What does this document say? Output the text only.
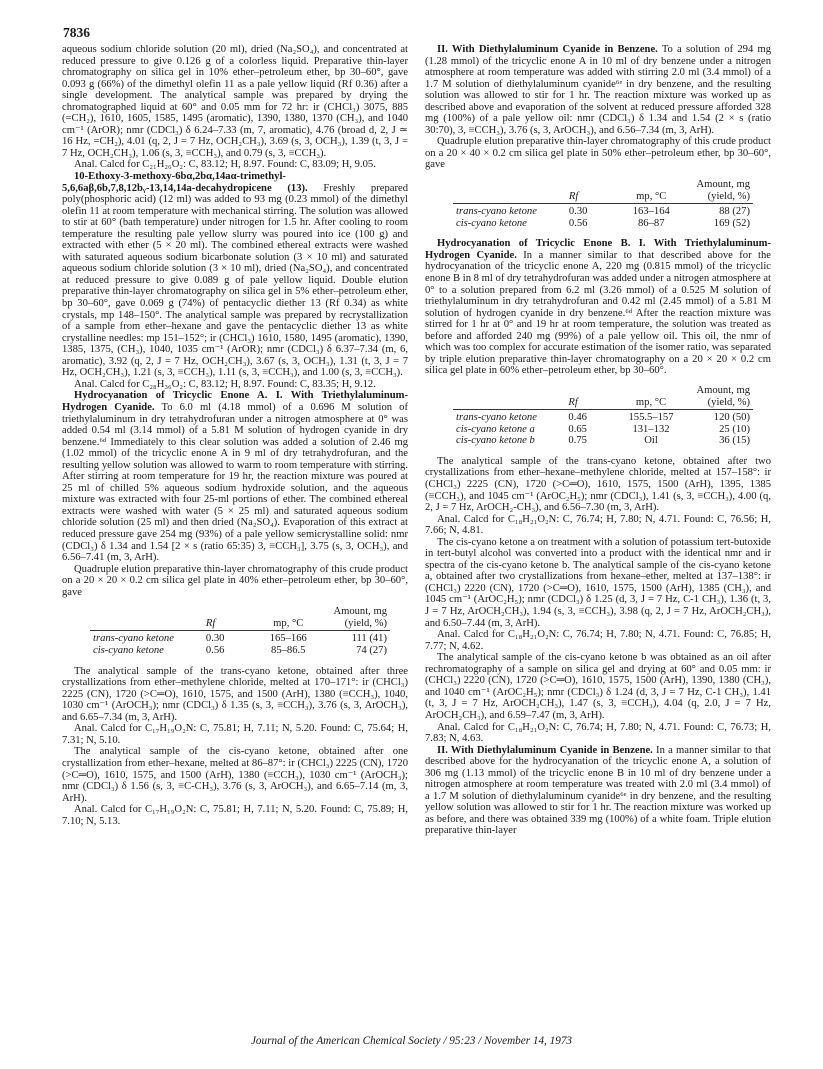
7836

aqueous sodium chloride solution (20 ml), dried (Na₂SO₄), and concentrated at reduced pressure to give 0.126 g of a colorless liquid. Preparative thin-layer chromatography on silica gel in 10% ether–petroleum ether, bp 30–60°, gave 0.093 g (66%) of the dimethyl olefin 11 as a pale yellow liquid (Rf 0.36) after a single development. The analytical sample was prepared by drying the chromatographed liquid at 60° and 0.05 mm for 72 hr: ir (CHCl₃) 3075, 885 (=CH₂), 1610, 1605, 1585, 1495 (aromatic), 1390, 1380, 1370 (CH₃), and 1040 cm⁻¹ (ArOR); nmr (CDCl₃) δ 6.24–7.33 (m, 7, aromatic), 4.76 (broad d, 2, J ≃ 16 Hz, =CH₂), 4.01 (q, 2, J = 7 Hz, OCH₂CH₃), 3.69 (s, 3, OCH₃), 1.39 (t, 3, J = 7 Hz, OCH₂CH₃), 1.06 (s, 3, ≡CCH₃), and 0.79 (s, 3, ≡CCH₃).

Anal. Calcd for C₂₁H₂₆O₂: C, 83.12; H, 8.97. Found: C, 83.09; H, 9.05.

10-Ethoxy-3-methoxy-6bα,2bα,14aα-trimethyl-5,6,6aβ,6b,7,8,12bᵧ-13,14,14a-decahydropicene (13). Freshly prepared poly(phosphoric acid) (12 ml) was added to 93 mg (0.23 mmol) of the dimethyl olefin 11 at room temperature with mechanical stirring. The solution was allowed to stir at 60° (bath temperature) under nitrogen for 1.5 hr. After cooling to room temperature the resulting pale yellow slurry was poured into ice (100 g) and extracted with ether (5 × 20 ml). The combined ethereal extracts were washed with saturated aqueous sodium bicarbonate solution (3 × 10 ml) and saturated aqueous sodium chloride solution (3 × 10 ml), dried (Na₂SO₄), and concentrated at reduced pressure to give 0.089 g of pale yellow liquid. Double elution preparative thin-layer chromatography on silica gel in 5% ether–petroleum ether, bp 30–60°, gave 0.069 g (74%) of pentacyclic diether 13 (Rf 0.34) as white crystals, mp 148–150°. The analytical sample was prepared by recrystallization of a sample from ether–hexane and gave the pentacyclic diether 13 as white crystalline needles: mp 151–152°; ir (CHCl₃) 1610, 1580, 1495 (aromatic), 1390, 1385, 1375, (CH₃), 1040, 1035 cm⁻¹ (ArOR); nmr (CDCl₃) δ 6.37–7.34 (m, 6, aromatic), 3.92 (q, 2, J = 7 Hz, OCH₂CH₃), 3.67 (s, 3, OCH₃), 1.31 (t, 3, J = 7 Hz, OCH₂CH₃), 1.21 (s, 3, ≡CCH₃), 1.11 (s, 3, ≡CCH₃), and 1.00 (s, 3, ≡CCH₃).

Anal. Calcd for C₂₈H₃₆O₂: C, 83.12; H, 8.97. Found: C, 83.35; H, 9.12.

Hydrocyanation of Tricyclic Enone A. I. With Triethylaluminum-Hydrogen Cyanide. To 6.0 ml (4.18 mmol) of a 0.696 M solution of triethylaluminum in dry tetrahydrofuran under a nitrogen atmosphere at 0° was added 0.54 ml (3.14 mmol) of a 5.81 M solution of hydrogen cyanide in dry benzene.⁶ᵈ Immediately to this clear solution was added a solution of 2.46 mg (1.02 mmol) of the tricyclic enone A in 9 ml of dry tetrahydrofuran, and the resulting yellow solution was allowed to warm to room temperature with stirring. After stirring at room temperature for 19 hr, the reaction mixture was poured at 25 ml of chilled 5% aqueous sodium hydroxide solution, and the aqueous mixture was extracted with four 25-ml portions of ether. The combined ethereal extracts were washed with water (5 × 25 ml) and saturated aqueous sodium chloride solution (25 ml) and then dried (Na₂SO₄). Evaporation of this extract at reduced pressure gave 254 mg (93%) of a pale yellow semicrystalline solid: nmr (CDCl₃) δ 1.34 and 1.54 [2 × s (ratio 65:35) 3, ≡CCH₃], 3.75 (s, 3, OCH₃), and 6.56–7.41 (m, 3, ArH).

Quadruple elution preparative thin-layer chromatography of this crude product on a 20 × 20 × 0.2 cm silica gel plate in 40% ether–petroleum ether, bp 30–60°, gave

	Rf	mp, °C	Amount, mg
(yield, %)

trans-cyano ketone	0.30	165–166	111 (41)
cis-cyano ketone	0.56	85–86.5	74 (27)

The analytical sample of the trans-cyano ketone, obtained after three crystallizations from ether–methylene chloride, melted at 170–171°: ir (CHCl₃) 2225 (CN), 1720 (>C═O), 1610, 1575, and 1500 (ArH), 1380 (≡CCH₃), 1040, 1030 cm⁻¹ (ArOCH₃); nmr (CDCl₃) δ 1.35 (s, 3, ≡CCH₃), 3.76 (s, 3, ArOCH₃), and 6.65–7.34 (m, 3, ArH).

Anal. Calcd for C₁₇H₁₉O₂N: C, 75.81; H, 7.11; N, 5.20. Found: C, 75.64; H, 7.31; N, 5.10.

The analytical sample of the cis-cyano ketone, obtained after one crystallization from ether–hexane, melted at 86–87°: ir (CHCl₃) 2225 (CN), 1720 (>C═O), 1610, 1575, and 1500 (ArH), 1380 (≡CCH₃), 1030 cm⁻¹ (ArOCH₃); nmr (CDCl₃) δ 1.56 (s, 3, ≡C-CH₃), 3.76 (s, 3, ArOCH₃), and 6.65–7.14 (m, 3, ArH).

Anal. Calcd for C₁₇H₁₉O₂N: C, 75.81; H, 7.11; N, 5.20. Found: C, 75.89; H, 7.10; N, 5.13.

II. With Diethylaluminum Cyanide in Benzene. To a solution of 294 mg (1.28 mmol) of the tricyclic enone A in 10 ml of dry benzene under a nitrogen atmosphere at room temperature was added with stirring 2.0 ml (3.4 mmol) of a 1.7 M solution of diethylaluminum cyanide⁶ᵉ in dry benzene, and the resulting solution was allowed to stir for 1 hr. The reaction mixture was worked up as described above and evaporation of the solvent at reduced pressure afforded 328 mg (100%) of a pale yellow oil: nmr (CDCl₃) δ 1.34 and 1.54 (2 × s (ratio 30:70), 3, ≡CCH₃), 3.76 (s, 3, ArOCH₃), and 6.56–7.34 (m, 3, ArH).

Quadruple elution preparative thin-layer chromatography of this crude product on a 20 × 40 × 0.2 cm silica gel plate in 50% ether–petroleum ether, bp 30–60°, gave

	Rf	mp, °C	Amount, mg
(yield, %)

trans-cyano ketone	0.30	163–164	88 (27)
cis-cyano ketone	0.56	86–87	169 (52)

Hydrocyanation of Tricyclic Enone B. I. With Triethylaluminum-Hydrogen Cyanide. In a manner similar to that described above for the hydrocyanation of the tricyclic enone A, 220 mg (0.815 mmol) of the tricyclic enone B in 8 ml of dry tetrahydrofuran was added under a nitrogen atmosphere at 0° to a solution prepared from 6.2 ml (3.26 mmol) of a 0.525 M solution of triethylaluminum in dry tetrahydrofuran and 0.42 ml (2.45 mmol) of a 5.81 M solution of hydrogen cyanide in dry benzene.⁶ᵈ After the reaction mixture was stirred for 1 hr at 0° and 19 hr at room temperature, the solution was treated as before and afforded 240 mg (99%) of a pale yellow oil. This oil, the nmr of which was too complex for accurate estimation of the isomer ratio, was separated by triple elution preparative thin-layer chromatography on a 20 × 20 × 0.2 cm silica gel plate in 60% ether–petroleum ether, bp 30–60°.

	Rf	mp, °C	Amount, mg
(yield, %)

trans-cyano ketone	0.46	155.5–157	120 (50)
cis-cyano ketone a	0.65	131–132	25 (10)
cis-cyano ketone b	0.75	Oil	36 (15)

The analytical sample of the trans-cyano ketone, obtained after two crystallizations from ether–hexane–methylene chloride, melted at 157–158°: ir (CHCl₃) 2225 (CN), 1720 (>C═O), 1610, 1575, 1500 (ArH), 1395, 1385 (≡CCH₃), and 1045 cm⁻¹ (ArOC₂H₅); nmr (CDCl₃), 1.41 (s, 3, ≡CCH₃), 4.00 (q, 2, J = 7 Hz, ArOCH₂-CH₃), and 6.56–7.30 (m, 3, ArH).

Anal. Calcd for C₁₈H₂₁O₂N: C, 76.74; H, 7.80; N, 4.71. Found: C, 76.56; H, 7.66; N, 4.81.

The cis-cyano ketone a on treatment with a solution of potassium tert-butoxide in tert-butyl alcohol was converted into a product with the identical nmr and ir spectra of the cis-cyano ketone b. The analytical sample of the cis-cyano ketone a, obtained after two crystallizations from hexane–ether, melted at 137–138°: ir (CHCl₃) 2220 (CN), 1720 (>C═O), 1610, 1575, 1500 (ArH), 1385 (CH₃), and 1045 cm⁻¹ (ArOC₂H₅); nmr (CDCl₃) δ 1.25 (d, 3, J = 7 Hz, C-1 CH₃), 1.36 (t, 3, J = 7 Hz, ArOCH₂CH₃), 1.94 (s, 3, ≡CCH₃), 3.98 (q, 2, J = 7 Hz, ArOCH₂CH₃), and 6.50–7.44 (m, 3, ArH).

Anal. Calcd for C₁₈H₂₁O₂N: C, 76.74; H, 7.80; N, 4.71. Found: C, 76.85; H, 7.77; N, 4.62.

The analytical sample of the cis-cyano ketone b was obtained as an oil after rechromatography of a sample on silica gel and drying at 60° and 0.05 mm: ir (CHCl₃) 2220 (CN), 1720 (>C═O), 1610, 1575, 1500 (ArH), 1390, 1380 (CH₃), and 1040 cm⁻¹ (ArOC₂H₅); nmr (CDCl₃) δ 1.24 (d, 3, J = 7 Hz, C-1 CH₃), 1.41 (t, 3, J = 7 Hz, ArOCH₂CH₃), 1.47 (s, 3, ≡CCH₃), 4.04 (q, 2.0, J = 7 Hz, ArOCH₂CH₃), and 6.59–7.47 (m, 3, ArH).

Anal. Calcd for C₁₈H₂₁O₂N: C, 76.74; H, 7.80; N, 4.71. Found: C, 76.73; H, 7.83; N, 4.63.

II. With Diethylaluminum Cyanide in Benzene. In a manner similar to that described above for the hydrocyanation of the tricyclic enone A, a solution of 306 mg (1.13 mmol) of the tricyclic enone B in 10 ml of dry benzene under a nitrogen atmosphere at room temperature was treated with 2.0 ml (3.4 mmol) of a 1.7 M solution of diethylaluminum cyanide⁶ᵉ in dry benzene, and the resulting yellow solution was allowed to stir for 1 hr. The reaction mixture was worked up as before, and there was obtained 339 mg (100%) of a white foam. Triple elution preparative thin-layer

Journal of the American Chemical Society / 95:23 / November 14, 1973
